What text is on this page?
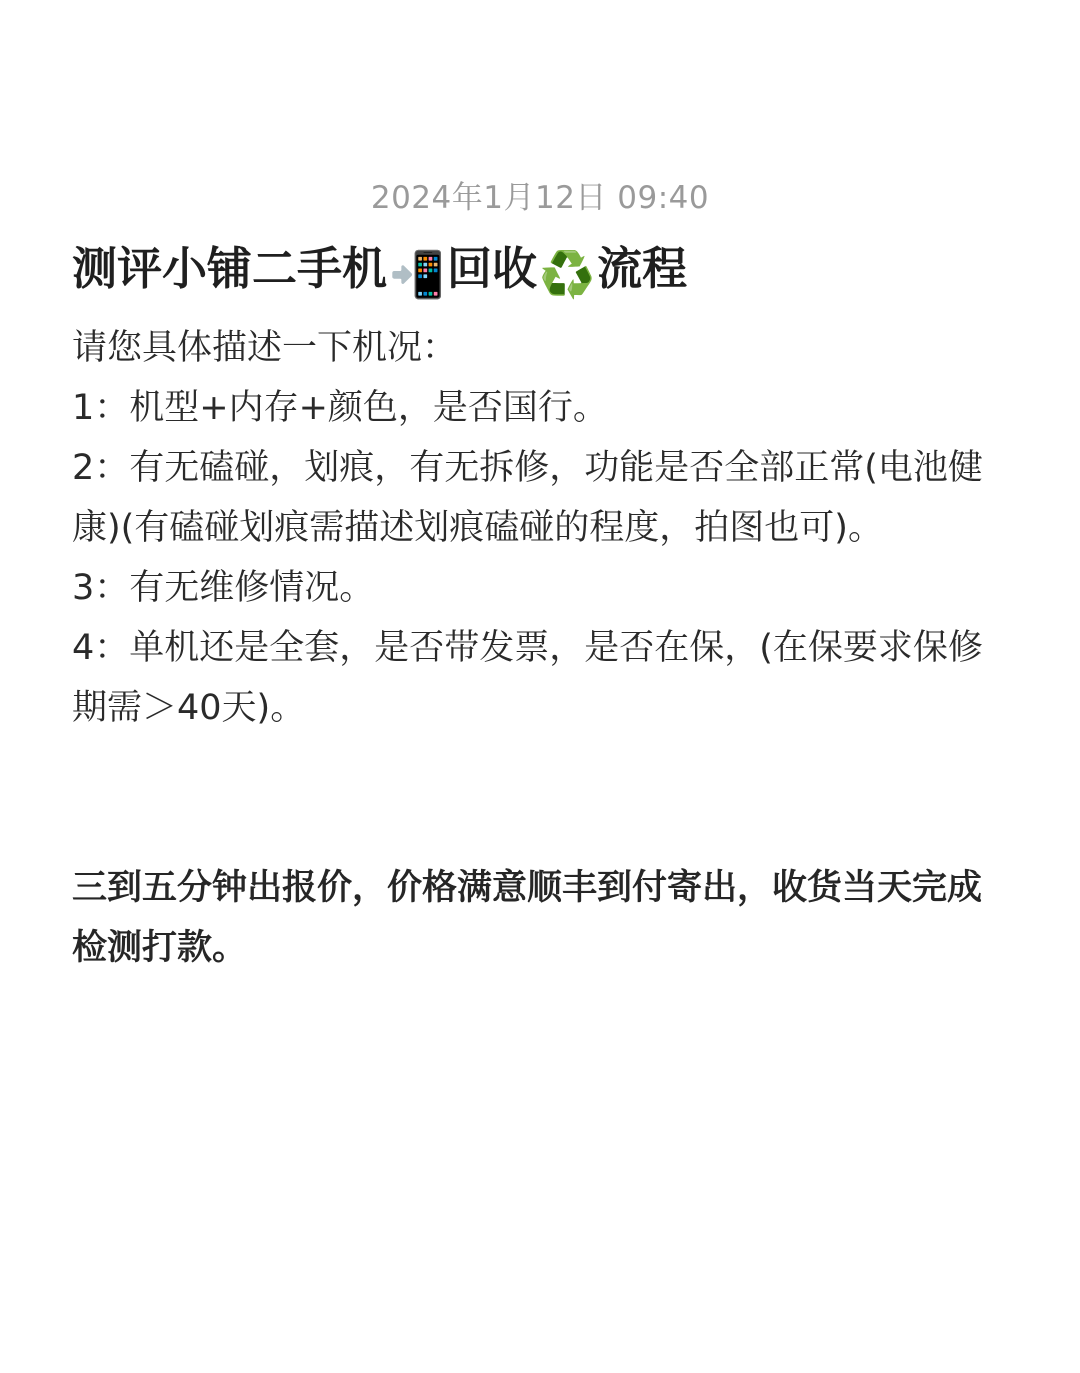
2024年1月12日 09:40
测评小铺二手机📲回收♻️流程

请您具体描述一下机况：

1：机型+内存+颜色，是否国行。

2：有无磕碰，划痕，有无拆修，功能是否全部正常(电池健康)(有磕碰划痕需描述划痕磕碰的程度，拍图也可)。

3：有无维修情况。

4：单机还是全套，是否带发票，是否在保，(在保要求保修期需＞40天)。

三到五分钟出报价，价格满意顺丰到付寄出，收货当天完成检测打款。
